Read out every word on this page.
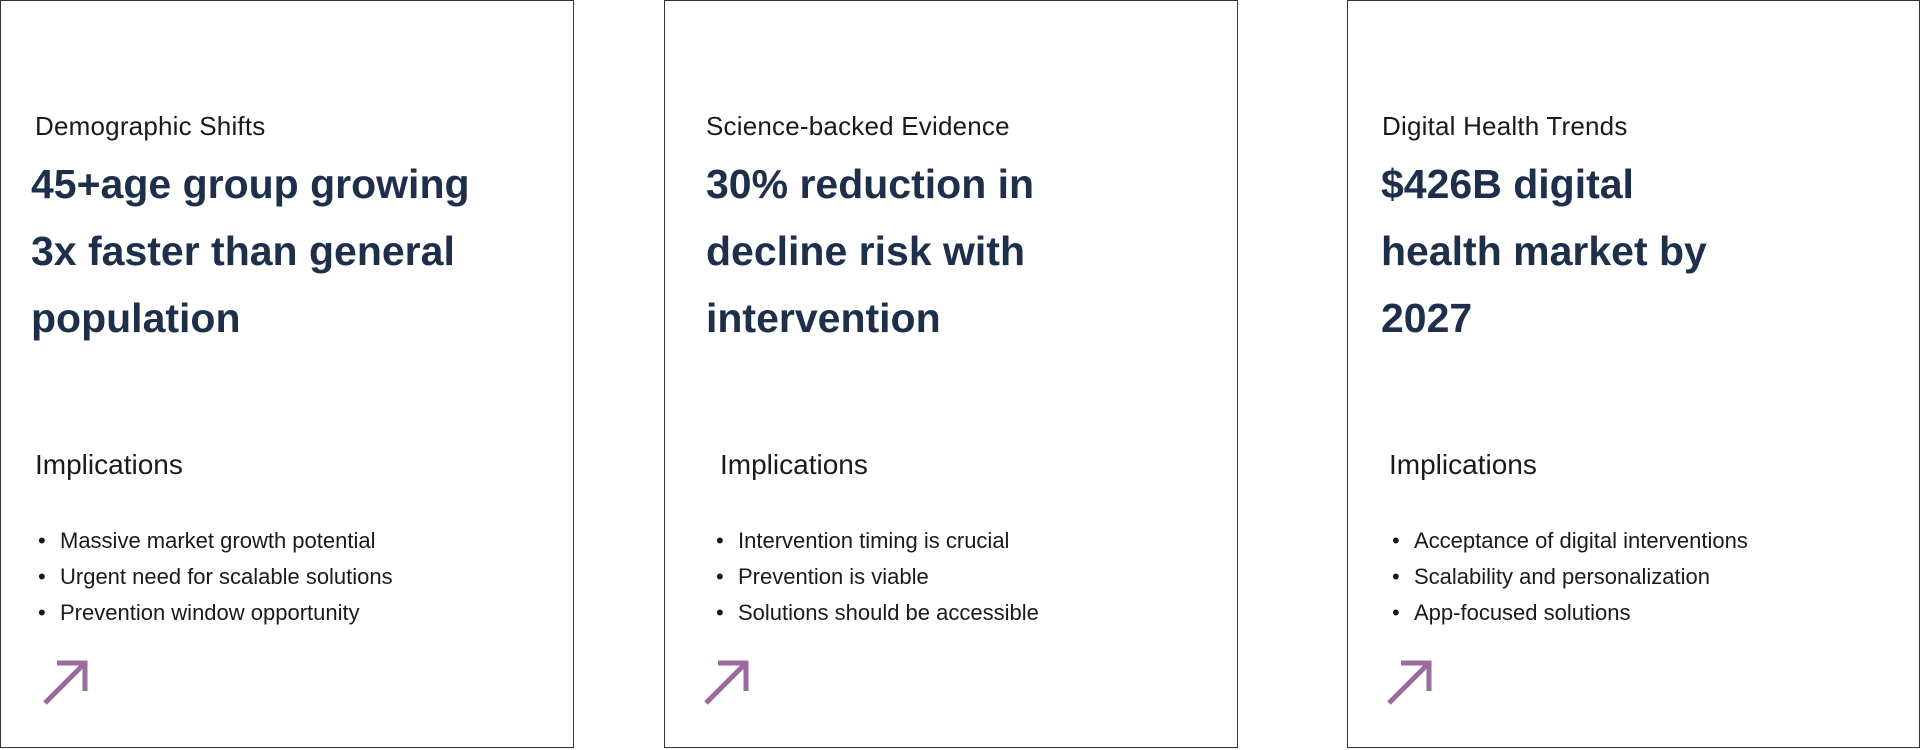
Demographic Shifts
45+age group growing
3x faster than general
population
Implications
• Massive market growth potential
• Urgent need for scalable solutions
• Prevention window opportunity
Science-backed Evidence
30% reduction in
decline risk with
intervention
Implications
• Intervention timing is crucial
• Prevention is viable
• Solutions should be accessible
Digital Health Trends
$426B digital
health market by
2027
Implications
• Acceptance of digital interventions
• Scalability and personalization
• App-focused solutions
